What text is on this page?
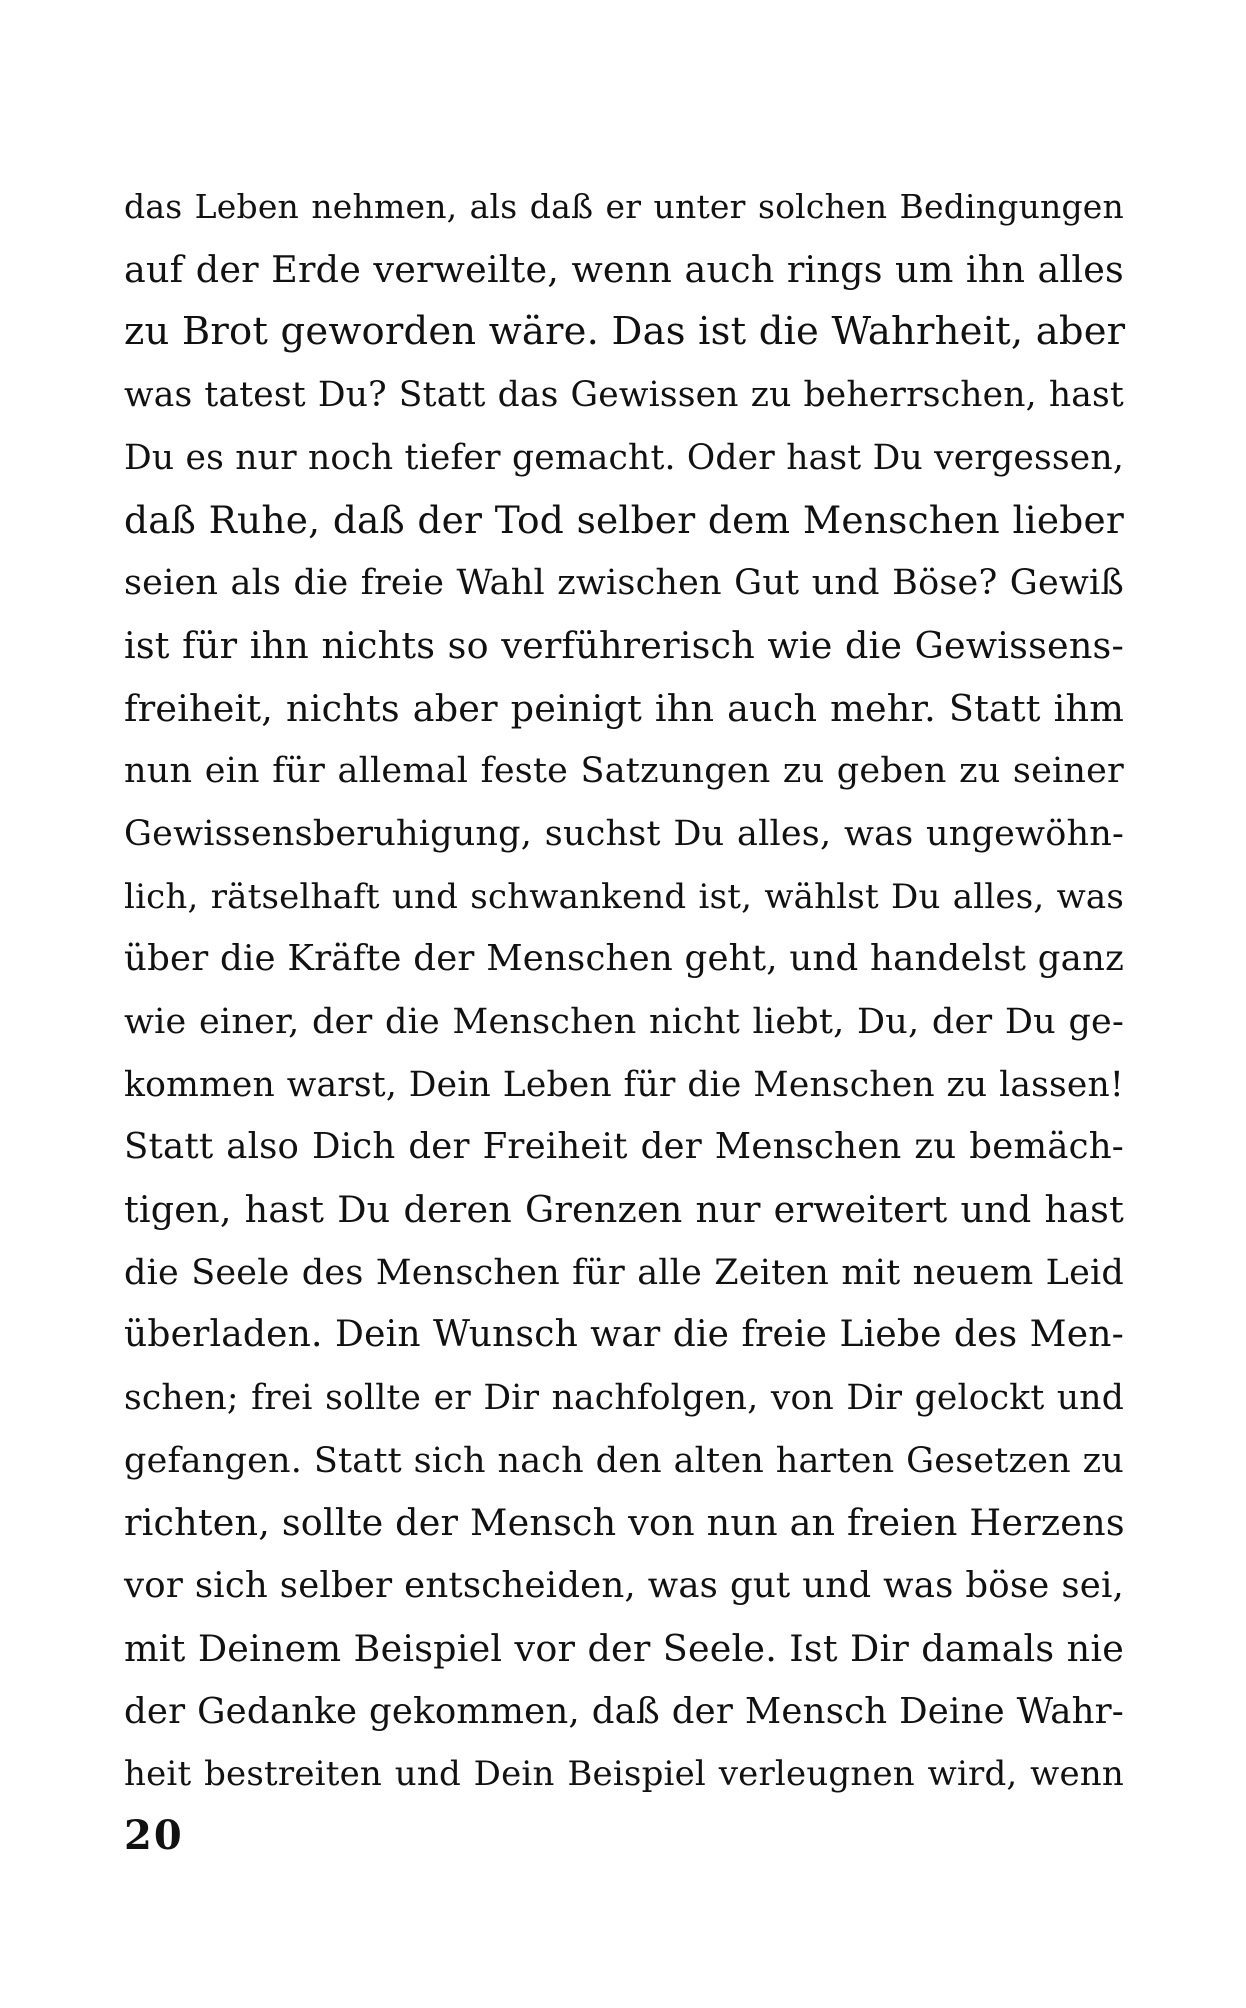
das Leben nehmen, als daß er unter solchen Bedingungen
auf der Erde verweilte, wenn auch rings um ihn alles
zu Brot geworden wäre. Das ist die Wahrheit, aber
was tatest Du? Statt das Gewissen zu beherrschen, hast
Du es nur noch tiefer gemacht. Oder hast Du vergessen,
daß Ruhe, daß der Tod selber dem Menschen lieber
seien als die freie Wahl zwischen Gut und Böse? Gewiß
ist für ihn nichts so verführerisch wie die Gewissens-
freiheit, nichts aber peinigt ihn auch mehr. Statt ihm
nun ein für allemal feste Satzungen zu geben zu seiner
Gewissensberuhigung, suchst Du alles, was ungewöhn-
lich, rätselhaft und schwankend ist, wählst Du alles, was
über die Kräfte der Menschen geht, und handelst ganz
wie einer, der die Menschen nicht liebt, Du, der Du ge-
kommen warst, Dein Leben für die Menschen zu lassen!
Statt also Dich der Freiheit der Menschen zu bemäch-
tigen, hast Du deren Grenzen nur erweitert und hast
die Seele des Menschen für alle Zeiten mit neuem Leid
überladen. Dein Wunsch war die freie Liebe des Men-
schen; frei sollte er Dir nachfolgen, von Dir gelockt und
gefangen. Statt sich nach den alten harten Gesetzen zu
richten, sollte der Mensch von nun an freien Herzens
vor sich selber entscheiden, was gut und was böse sei,
mit Deinem Beispiel vor der Seele. Ist Dir damals nie
der Gedanke gekommen, daß der Mensch Deine Wahr-
heit bestreiten und Dein Beispiel verleugnen wird, wenn
20
